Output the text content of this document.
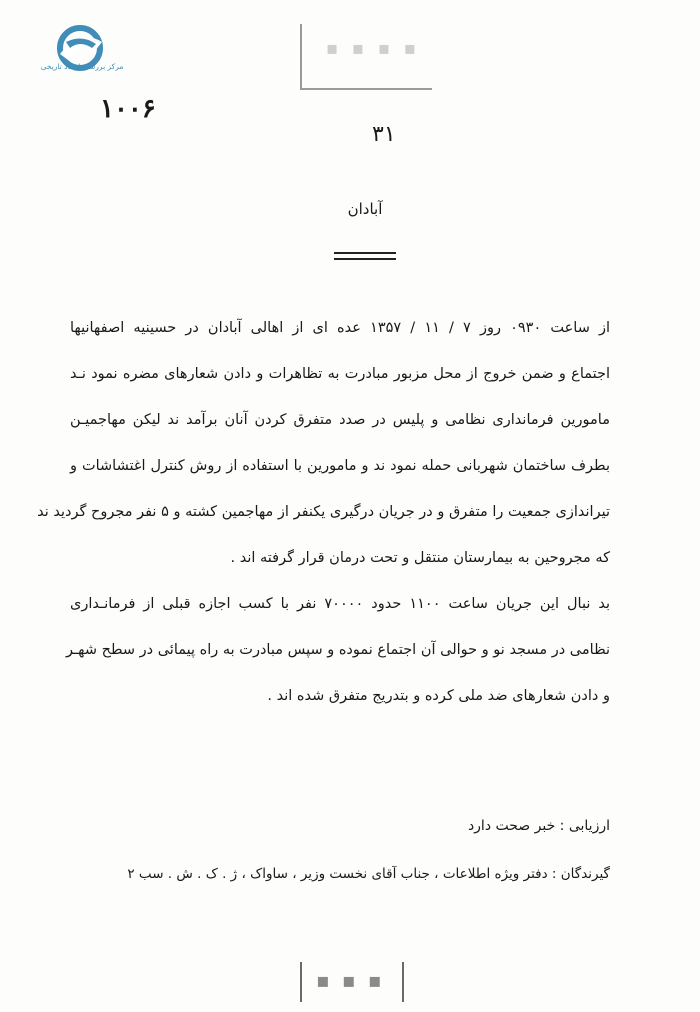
مرکز بررسی اسناد تاریخی
▪ ▪ ▪ ▪
۱۰۰۶
۳۱
آبادان
از ساعت ۰۹۳۰ روز ۷ / ۱۱ / ۱۳۵۷ عده ای از اهالی آبادان در حسینیه اصفهانیها
اجتماع و ضمن خروج از محل مزبور مبادرت به تظاهرات و دادن شعارهای مضره نمود نـد
مامورین فرمانداری نظامی و پلیس در صدد متفرق کردن آنان برآمد ند لیکن مهاجمیـن
بطرف ساختمان شهربانی حمله نمود ند و مامورین با استفاده از روش کنترل اغتشاشات و
تیراندازی جمعیت را متفرق و در جریان درگیری یکنفر از مهاجمین کشته و ۵ نفر مجروح گردید ند
که مجروحین به بیمارستان منتقل و تحت درمان قرار گرفته اند .
بد نبال این جریان ساعت ۱۱۰۰ حدود ۷۰۰۰۰ نفر با کسب اجازه قبلی از فرمانـدارى
نظامی در مسجد نو و حوالی آن اجتماع نموده و سپس مبادرت به راه پیمائی در سطح شهـر
و دادن شعارهای ضد ملی کرده و بتدریج متفرق شده اند .
ارزیابی : خبر صحت دارد
گیرندگان : دفتر ویژه اطلاعات ، جناب آقای نخست وزیر ، ساواک ، ژ . ک . ش . سب ۲
▪ ▪ ▪
